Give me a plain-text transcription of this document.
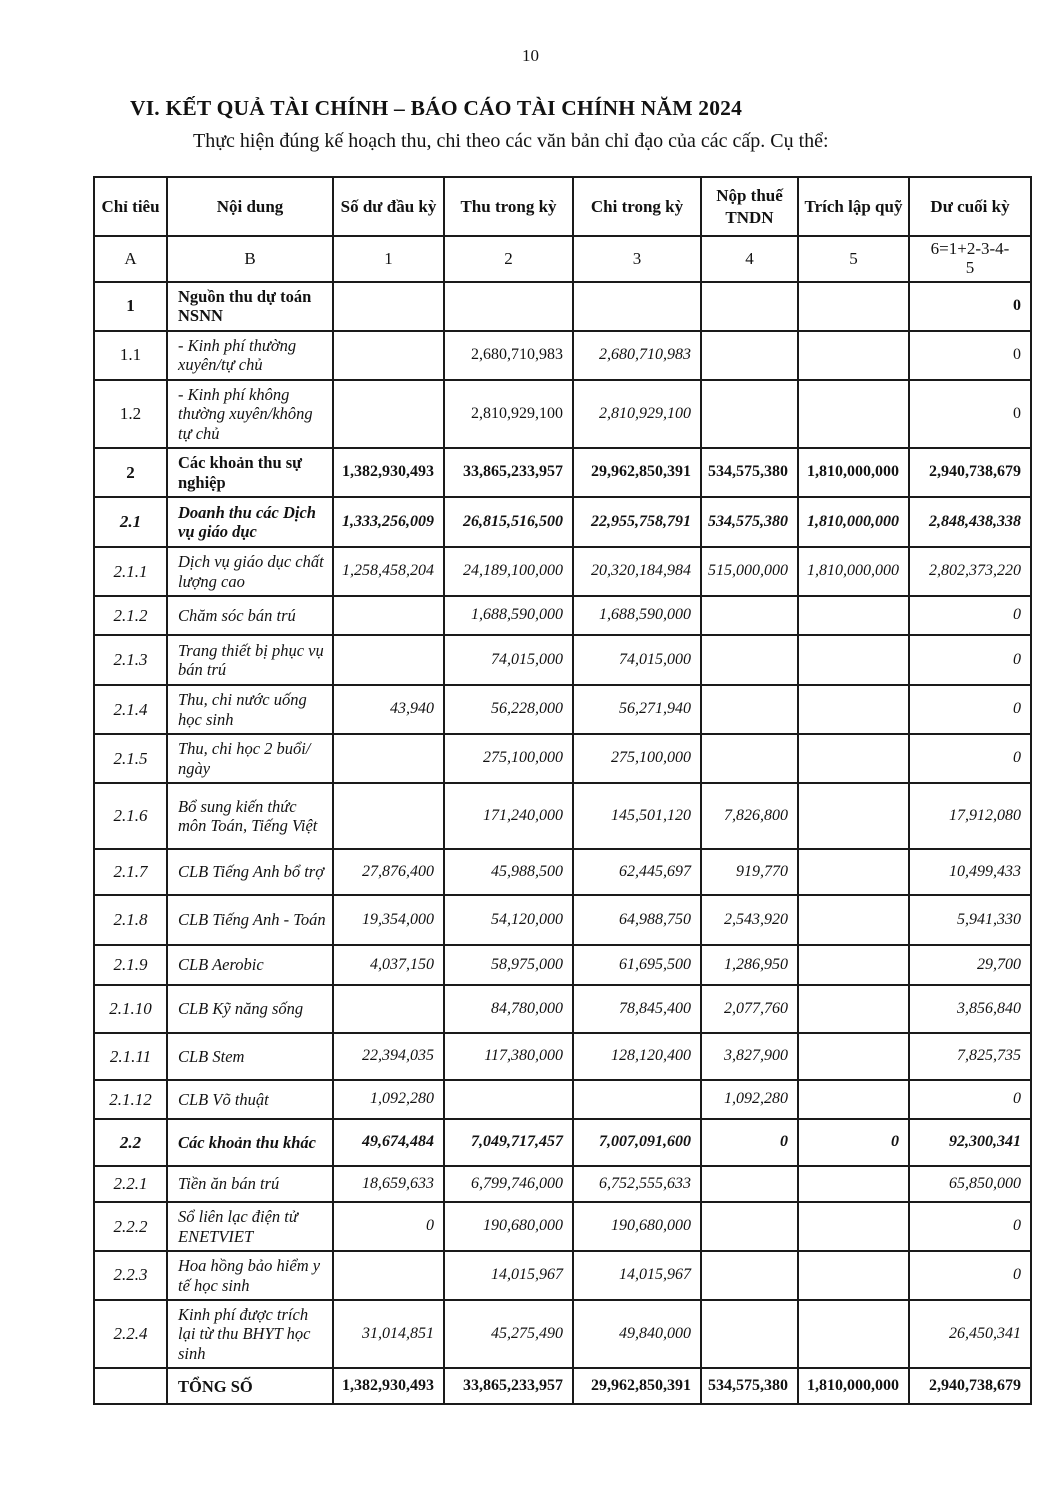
10
VI. KẾT QUẢ TÀI CHÍNH – BÁO CÁO TÀI CHÍNH NĂM 2024

Thực hiện đúng kế hoạch thu, chi theo các văn bản chỉ đạo của các cấp. Cụ thể:

Chỉ tiêu	Nội dung	Số dư đầu kỳ	Thu trong kỳ	Chi trong kỳ	Nộp thuế TNDN	Trích lập quỹ	Dư cuối kỳ
A	B	1	2	3	4	5	6=1+2-3-4-5
1	Nguồn thu dự toán NSNN						0
1.1	- Kinh phí thường xuyên/tự chủ		2,680,710,983	2,680,710,983			0
1.2	- Kinh phí không thường xuyên/không tự chủ		2,810,929,100	2,810,929,100			0
2	Các khoản thu sự nghiệp	1,382,930,493	33,865,233,957	29,962,850,391	534,575,380	1,810,000,000	2,940,738,679
2.1	Doanh thu các Dịch vụ giáo dục	1,333,256,009	26,815,516,500	22,955,758,791	534,575,380	1,810,000,000	2,848,438,338
2.1.1	Dịch vụ giáo dục chất lượng cao	1,258,458,204	24,189,100,000	20,320,184,984	515,000,000	1,810,000,000	2,802,373,220
2.1.2	Chăm sóc bán trú		1,688,590,000	1,688,590,000			0
2.1.3	Trang thiết bị phục vụ bán trú		74,015,000	74,015,000			0
2.1.4	Thu, chi nước uống học sinh	43,940	56,228,000	56,271,940			0
2.1.5	Thu, chi học 2 buổi/ ngày		275,100,000	275,100,000			0
2.1.6	Bổ sung kiến thức môn Toán, Tiếng Việt		171,240,000	145,501,120	7,826,800		17,912,080
2.1.7	CLB Tiếng Anh bổ trợ	27,876,400	45,988,500	62,445,697	919,770		10,499,433
2.1.8	CLB Tiếng Anh - Toán	19,354,000	54,120,000	64,988,750	2,543,920		5,941,330
2.1.9	CLB Aerobic	4,037,150	58,975,000	61,695,500	1,286,950		29,700
2.1.10	CLB Kỹ năng sống		84,780,000	78,845,400	2,077,760		3,856,840
2.1.11	CLB Stem	22,394,035	117,380,000	128,120,400	3,827,900		7,825,735
2.1.12	CLB Võ thuật	1,092,280			1,092,280		0
2.2	Các khoản thu khác	49,674,484	7,049,717,457	7,007,091,600	0	0	92,300,341
2.2.1	Tiền ăn bán trú	18,659,633	6,799,746,000	6,752,555,633			65,850,000
2.2.2	Sổ liên lạc điện tử ENETVIET	0	190,680,000	190,680,000			0
2.2.3	Hoa hồng bảo hiểm y tế học sinh		14,015,967	14,015,967			0
2.2.4	Kinh phí được trích lại từ thu BHYT học sinh	31,014,851	45,275,490	49,840,000			26,450,341
	TỔNG SỐ	1,382,930,493	33,865,233,957	29,962,850,391	534,575,380	1,810,000,000	2,940,738,679
